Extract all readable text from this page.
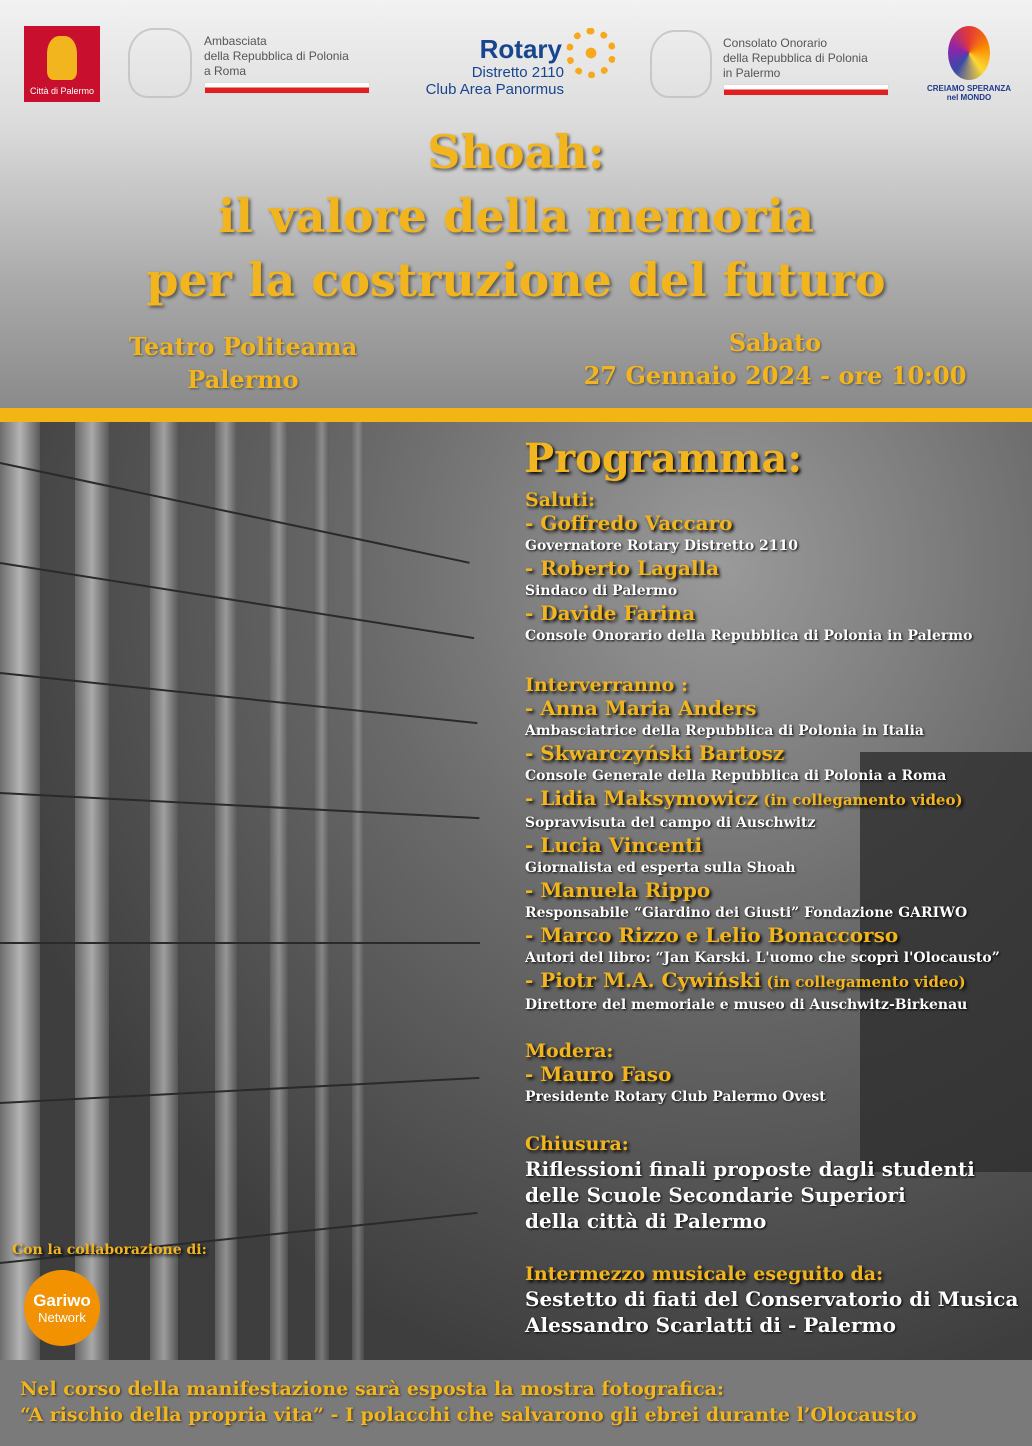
Città di Palermo
Ambasciata
della Repubblica di Polonia
a Roma
Rotary
Distretto 2110
Club Area Panormus
Consolato Onorario
della Repubblica di Polonia
in Palermo
CREIAMO SPERANZA
nel MONDO
Shoah:
il valore della memoria
per la costruzione del futuro
Teatro Politeama
Palermo
Sabato
27 Gennaio 2024 - ore 10:00
Programma:
Saluti:
- Goffredo Vaccaro
Governatore Rotary Distretto 2110
- Roberto Lagalla
Sindaco di Palermo
- Davide Farina
Console Onorario della Repubblica di Polonia in Palermo
Interverranno :
- Anna Maria Anders
Ambasciatrice della Repubblica di Polonia in Italia
- Skwarczyński Bartosz
Console Generale della Repubblica di Polonia a Roma
- Lidia Maksymowicz (in collegamento video)
Sopravvisuta del campo di Auschwitz
- Lucia Vincenti
Giornalista ed esperta sulla Shoah
- Manuela Rippo
Responsabile “Giardino dei Giusti” Fondazione GARIWO
- Marco Rizzo e Lelio Bonaccorso
Autori del libro: “Jan Karski. L'uomo che scoprì l'Olocausto”
- Piotr M.A. Cywiński (in collegamento video)
Direttore del memoriale e museo di Auschwitz-Birkenau
Modera:
- Mauro Faso
Presidente Rotary Club Palermo Ovest
Chiusura:
Riflessioni finali proposte dagli studenti
delle Scuole Secondarie Superiori
della città di Palermo
Intermezzo musicale eseguito da:
Sestetto di fiati del Conservatorio di Musica
Alessandro Scarlatti di - Palermo
Con la collaborazione di:
Gariwo
Network
Nel corso della manifestazione sarà esposta la mostra fotografica:
“A rischio della propria vita” - I polacchi che salvarono gli ebrei durante l’Olocausto
